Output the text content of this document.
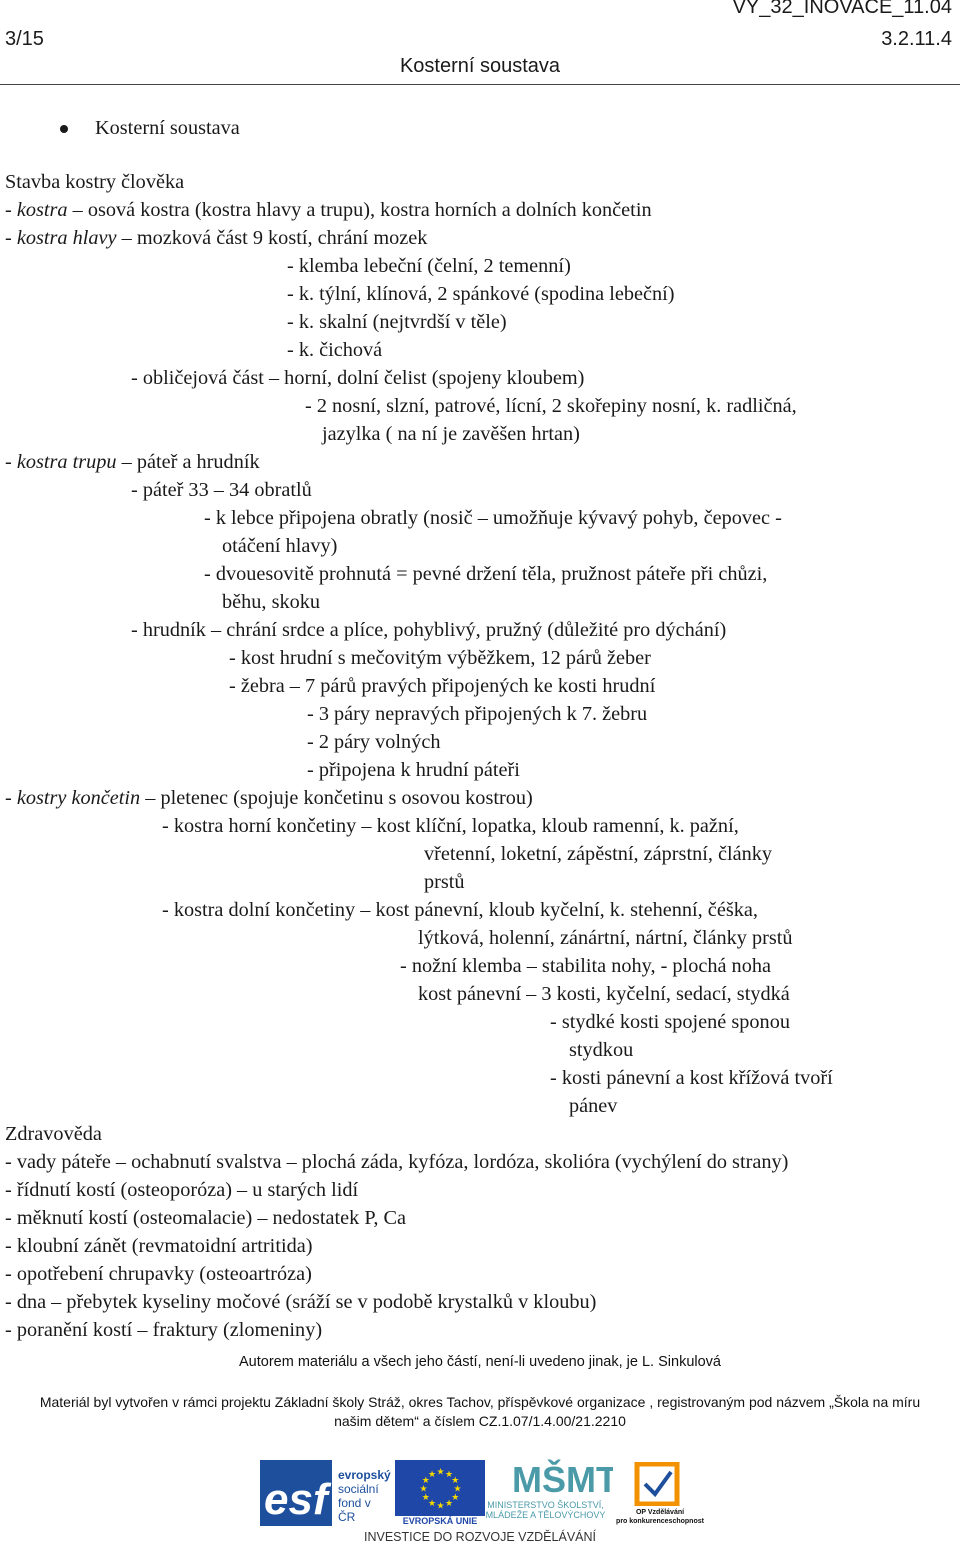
VY_32_INOVACE_11.04
3/15	3.2.11.4
Kosterní soustava
Kosterní soustava
Stavba kostry člověka
- kostra – osová kostra (kostra hlavy a trupu), kostra horních a dolních končetin
- kostra hlavy – mozková část 9 kostí, chrání mozek
- klemba lebeční (čelní, 2 temenní)
- k. týlní, klínová, 2 spánkové (spodina lebeční)
- k. skalní (nejtvrdší v těle)
- k. čichová
- obličejová část – horní, dolní čelist (spojeny kloubem)
- 2 nosní, slzní, patrové, lícní, 2 skořepiny nosní, k. radličná,
jazylka ( na ní je zavěšen hrtan)
- kostra trupu – páteř a hrudník
- páteř 33 – 34 obratlů
- k lebce připojena obratly (nosič – umožňuje kývavý pohyb, čepovec -
otáčení hlavy)
- dvouesovitě prohnutá = pevné držení těla, pružnost páteře při chůzi,
běhu, skoku
- hrudník – chrání srdce a plíce, pohyblivý, pružný (důležité pro dýchání)
- kost hrudní s mečovitým výběžkem, 12 párů žeber
- žebra – 7 párů pravých připojených ke kosti hrudní
- 3 páry nepravých připojených k 7. žebru
- 2 páry volných
- připojena k hrudní páteři
- kostry končetin – pletenec (spojuje končetinu s osovou kostrou)
- kostra horní končetiny – kost klíční, lopatka, kloub ramenní, k. pažní,
vřetenní, loketní, zápěstní, záprstní, články
prstů
- kostra dolní končetiny – kost pánevní, kloub kyčelní, k. stehenní, čéška,
lýtková, holenní, zánártní, nártní, články prstů
- nožní klemba – stabilita nohy, - plochá noha
kost pánevní – 3 kosti, kyčelní, sedací, stydká
- stydké kosti spojené sponou
stydkou
- kosti pánevní a kost křížová tvoří
pánev
Zdravověda
- vady páteře – ochabnutí svalstva – plochá záda, kyfóza, lordóza, skolióra (vychýlení do strany)
- řídnutí kostí (osteoporóza) – u starých lidí
- měknutí kostí (osteomalacie) – nedostatek P, Ca
- kloubní zánět (revmatoidní artritida)
- opotřebení chrupavky (osteoartróza)
- dna – přebytek kyseliny močové (sráží se v podobě krystalků v kloubu)
- poranění kostí – fraktury (zlomeniny)
Autorem materiálu a všech jeho částí, není-li uvedeno jinak, je L. Sinkulová
Materiál byl vytvořen v rámci projektu Základní školy Stráž, okres Tachov, příspěvkové organizace , registrovaným pod názvem „Škola na míru
našim dětem“ a číslem CZ.1.07/1.4.00/21.2210
esf evropský
sociální
fond v ČR
★
★
★
★
★
★
★
★
★ ★ ★
★
EVROPSKÁ UNIE
MŠMT
MINISTERSTVO ŠKOLSTVÍ,
MLÁDEŽE A TĚLOVÝCHOVY	OP Vzdělávání
pro konkurenceschopnost
INVESTICE DO ROZVOJE VZDĚLÁVÁNÍ
